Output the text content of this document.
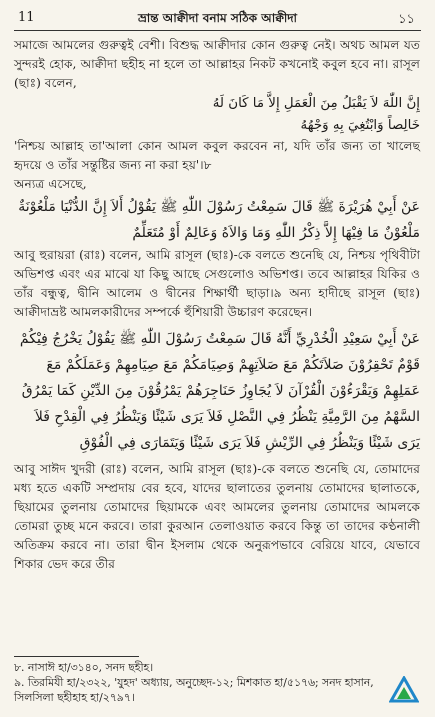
11	ভ্রান্ত আক্বীদা বনাম সঠিক আক্বীদা	১১

সমাজে আমলের গুরুত্বই বেশী। বিশুদ্ধ আক্বীদার কোন গুরুত্ব নেই। অথচ আমল যত সুন্দরই হোক, আক্বীদা ছহীহ না হলে তা আল্লাহর নিকট কখনোই কবুল হবে না। রাসূল (ছাঃ) বলেন,

إِنَّ اللّٰهَ لاَ يَقْبَلُ مِنَ الْعَمَلِ إِلاَّ مَا كَانَ لَهُ

خَالِصاً وَابْتُغِيَ بِهِ وَجْهُهُ

'নিশ্চয় আল্লাহ তা'আলা কোন আমল কবুল করবেন না, যদি তাঁর জন্য তা খালেছ হৃদয়ে ও তাঁর সন্তুষ্টির জন্য না করা হয়'।৮

অন্যত্র এসেছে,

عَنْ أَبِيْ هُرَيْرَةَ ﷺ قَالَ سَمِعْتُ رَسُوْلَ اللّٰهِ ﷺ يَقُوْلُ أَلاَ إِنَّ الدُّنْيَا مَلْعُوْنَةٌ مَلْعُوْنٌ مَا فِيْهَا إِلاَّ ذِكْرُ اللّٰهِ وَمَا وَالاَهُ وَعَالِمٌ أَوْ مُتَعَلِّمٌ

আবু হুরায়রা (রাঃ) বলেন, আমি রাসূল (ছাঃ)-কে বলতে শুনেছি যে, নিশ্চয় পৃথিবীটা অভিশপ্ত এবং এর মাঝে যা কিছু আছে সেগুলোও অভিশপ্ত। তবে আল্লাহর যিকির ও তাঁর বন্ধুত্ব, দ্বীনি আলেম ও দ্বীনের শিক্ষার্থী ছাড়া।৯ অন্য হাদীছে রাসূল (ছাঃ) আক্বীদাভ্রষ্ট আমলকারীদের সম্পর্কে হুঁশিয়ারী উচ্চারণ করেছেন।

عَنْ أَبِيْ سَعِيْدِ الْخُدْرِيِّ أَنَّهُ قَالَ سَمِعْتُ رَسُوْلَ اللّٰهِ ﷺ يَقُوْلُ يَخْرُجُ فِيْكُمْ قَوْمٌ تَحْقِرُوْنَ صَلاَتَكُمْ مَعَ صَلاَتِهِمْ وَصِيَامَكُمْ مَعَ صِيَامِهِمْ وَعَمَلَكُمْ مَعَ عَمَلِهِمْ وَيَقْرَءُوْنَ الْقُرْآنَ لاَ يُجَاوِزُ حَنَاجِرَهُمْ يَمْرُقُوْنَ مِنَ الدِّيْنِ كَمَا يَمْرُقُ السَّهْمُ مِنَ الرَّمِيَّةِ يَنْظُرُ فِي النَّصْلِ فَلاَ يَرَى شَيْئًا وَيَنْظُرُ فِي الْقِدْحِ فَلاَ يَرَى شَيْئًا وَيَنْظُرُ فِي الرِّيْشِ فَلاَ يَرَى شَيْئًا وَيَتَمَارَى فِي الْفُوْقِ

আবু সাঈদ খুদরী (রাঃ) বলেন, আমি রাসূল (ছাঃ)-কে বলতে শুনেছি যে, তোমাদের মধ্য হতে একটি সম্প্রদায় বের হবে, যাদের ছালাতের তুলনায় তোমাদের ছালাতকে, ছিয়ামের তুলনায় তোমাদের ছিয়ামকে এবং আমলের তুলনায় তোমাদের আমলকে তোমরা তুচ্ছ মনে করবে। তারা কুরআন তেলাওয়াত করবে কিন্তু তা তাদের কণ্ঠনালী অতিক্রম করবে না। তারা দ্বীন ইসলাম থেকে অনুরূপভাবে বেরিয়ে যাবে, যেভাবে শিকার ভেদ করে তীর

৮. নাসাঈ হা/৩১৪০, সনদ ছহীহ।

৯. তিরমিযী হা/২৩২২, 'যুহদ' অধ্যায়, অনুচ্ছেদ-১২; মিশকাত হা/৫১৭৬; সনদ হাসান, সিলসিলা ছহীহাহ হা/২৭৯৭।
